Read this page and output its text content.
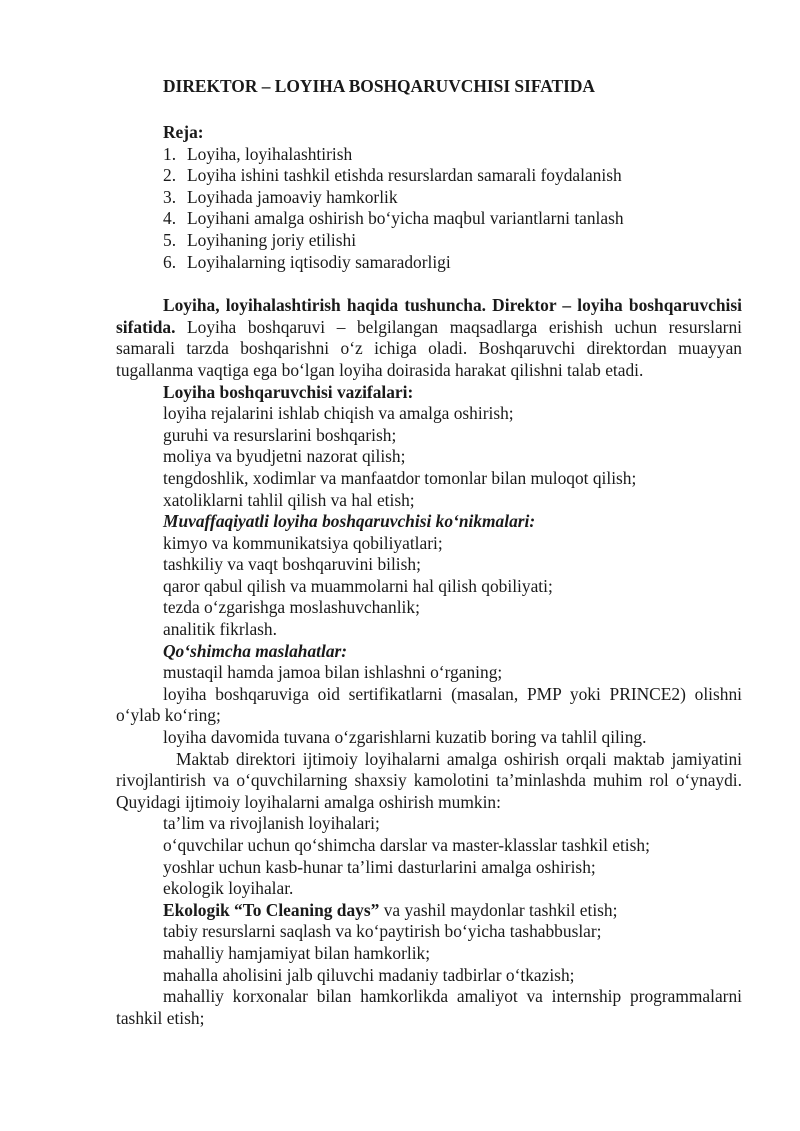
DIREKTOR – LOYIHA BOSHQARUVCHISI SIFATIDA
Reja:
1. Loyiha, loyihalashtirish
2. Loyiha ishini tashkil etishda resurslardan samarali foydalanish
3. Loyihada jamoaviy hamkorlik
4. Loyihani amalga oshirish bo‘yicha maqbul variantlarni tanlash
5. Loyihaning joriy etilishi
6. Loyihalarning iqtisodiy samaradorligi

Loyiha, loyihalashtirish haqida tushuncha. Direktor – loyiha boshqaruvchisi sifatida. Loyiha boshqaruvi – belgilangan maqsadlarga erishish uchun resurslarni samarali tarzda boshqarishni o‘z ichiga oladi. Boshqaruvchi direktordan muayyan tugallanma vaqtiga ega bo‘lgan loyiha doirasida harakat qilishni talab etadi.

Loyiha boshqaruvchisi vazifalari:

loyiha rejalarini ishlab chiqish va amalga oshirish;

guruhi va resurslarini boshqarish;

moliya va byudjetni nazorat qilish;

tengdoshlik, xodimlar va manfaatdor tomonlar bilan muloqot qilish;

xatoliklarni tahlil qilish va hal etish;

Muvaffaqiyatli loyiha boshqaruvchisi ko‘nikmalari:

kimyo va kommunikatsiya qobiliyatlari;

tashkiliy va vaqt boshqaruvini bilish;

qaror qabul qilish va muammolarni hal qilish qobiliyati;

tezda o‘zgarishga moslashuvchanlik;

analitik fikrlash.

Qo‘shimcha maslahatlar:

mustaqil hamda jamoa bilan ishlashni o‘rganing;

loyiha boshqaruviga oid sertifikatlarni (masalan, PMP yoki PRINCE2) olishni o‘ylab ko‘ring;

loyiha davomida tuvana o‘zgarishlarni kuzatib boring va tahlil qiling.

Maktab direktori ijtimoiy loyihalarni amalga oshirish orqali maktab jamiyatini rivojlantirish va o‘quvchilarning shaxsiy kamolotini ta’minlashda muhim rol o‘ynaydi. Quyidagi ijtimoiy loyihalarni amalga oshirish mumkin:

ta’lim va rivojlanish loyihalari;

o‘quvchilar uchun qo‘shimcha darslar va master-klasslar tashkil etish;

yoshlar uchun kasb-hunar ta’limi dasturlarini amalga oshirish;

ekologik loyihalar.

Ekologik “To Cleaning days” va yashil maydonlar tashkil etish;

tabiy resurslarni saqlash va ko‘paytirish bo‘yicha tashabbuslar;

mahalliy hamjamiyat bilan hamkorlik;

mahalla aholisini jalb qiluvchi madaniy tadbirlar o‘tkazish;

mahalliy korxonalar bilan hamkorlikda amaliyot va internship programmalarni tashkil etish;
